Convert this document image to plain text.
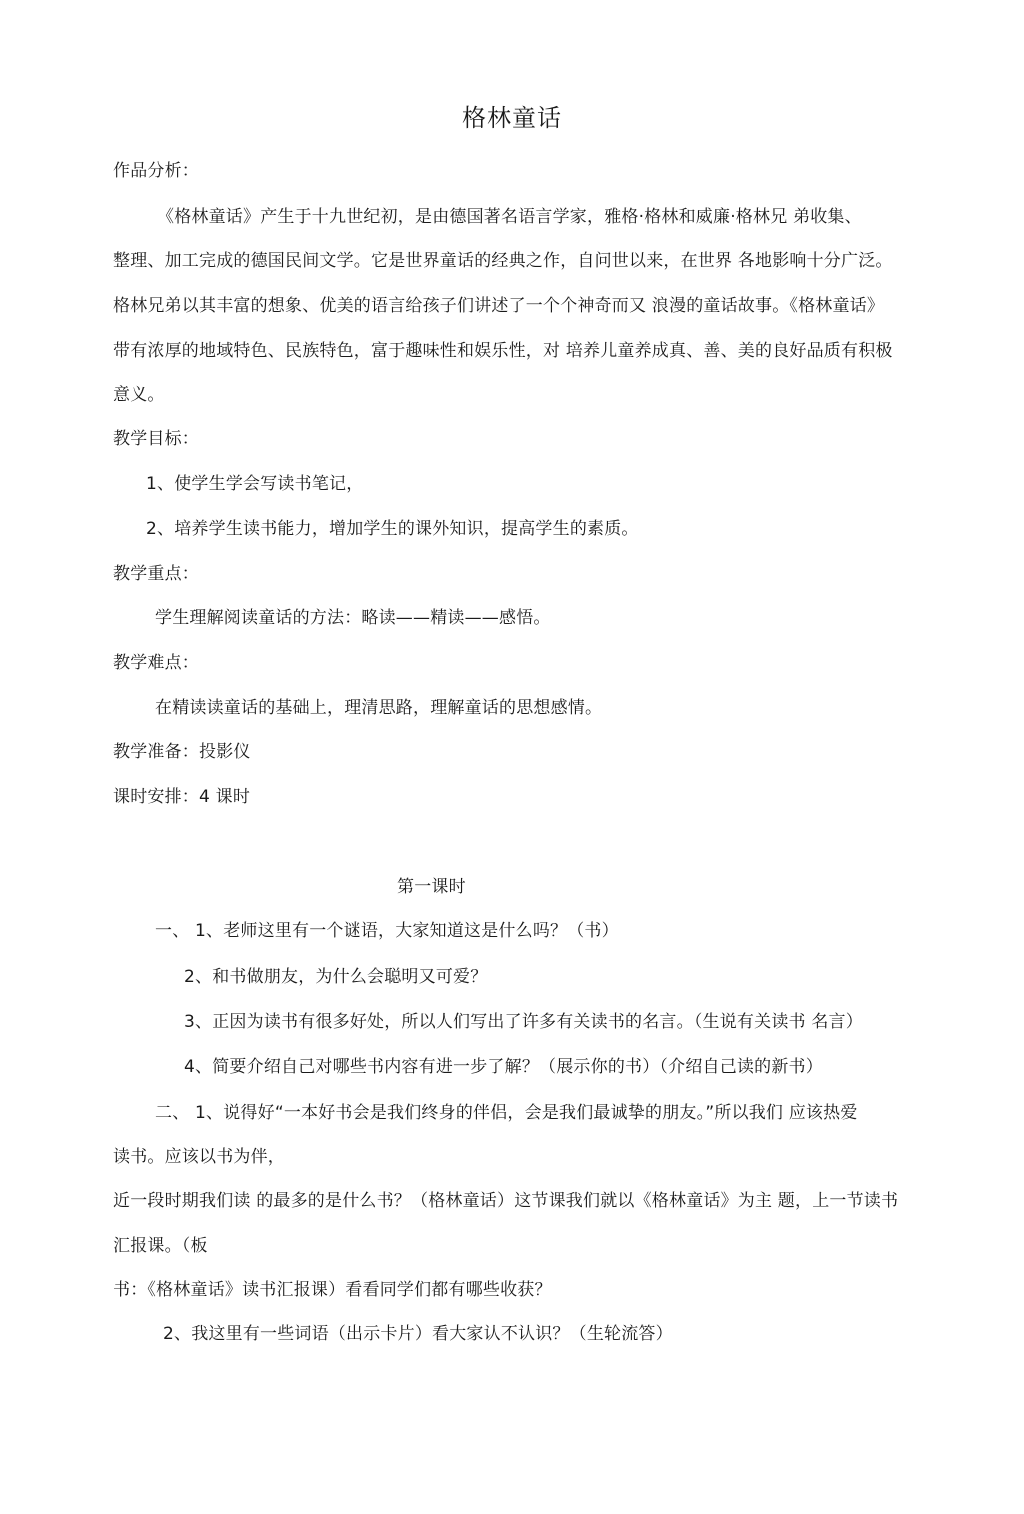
格林童话
作品分析：
《格林童话》产生于十九世纪初，是由德国著名语言学家，雅格·格林和威廉·格林兄 弟收集、
整理、加工完成的德国民间文学。它是世界童话的经典之作，自问世以来，在世界 各地影响十分广泛。
格林兄弟以其丰富的想象、优美的语言给孩子们讲述了一个个神奇而又 浪漫的童话故事。《格林童话》
带有浓厚的地域特色、民族特色，富于趣味性和娱乐性，对 培养儿童养成真、善、美的良好品质有积极
意义。
教学目标：
1、使学生学会写读书笔记，
2、培养学生读书能力，增加学生的课外知识，提高学生的素质。
教学重点：
学生理解阅读童话的方法：略读——精读——感悟。
教学难点：
在精读读童话的基础上，理清思路，理解童话的思想感情。
教学准备：投影仪
课时安排：4 课时
第一课时
一、 1、老师这里有一个谜语，大家知道这是什么吗？（书）
2、和书做朋友，为什么会聪明又可爱？
3、正因为读书有很多好处，所以人们写出了许多有关读书的名言。（生说有关读书 名言）
4、简要介绍自己对哪些书内容有进一步了解？（展示你的书）（介绍自己读的新书）
二、 1、说得好“一本好书会是我们终身的伴侣，会是我们最诚挚的朋友。”所以我们 应该热爱
读书。应该以书为伴，
近一段时期我们读 的最多的是什么书？（格林童话）这节课我们就以《格林童话》为主 题，上一节读书
汇报课。（板
书：《格林童话》读书汇报课）看看同学们都有哪些收获？
2、我这里有一些词语（出示卡片）看大家认不认识？（生轮流答）
